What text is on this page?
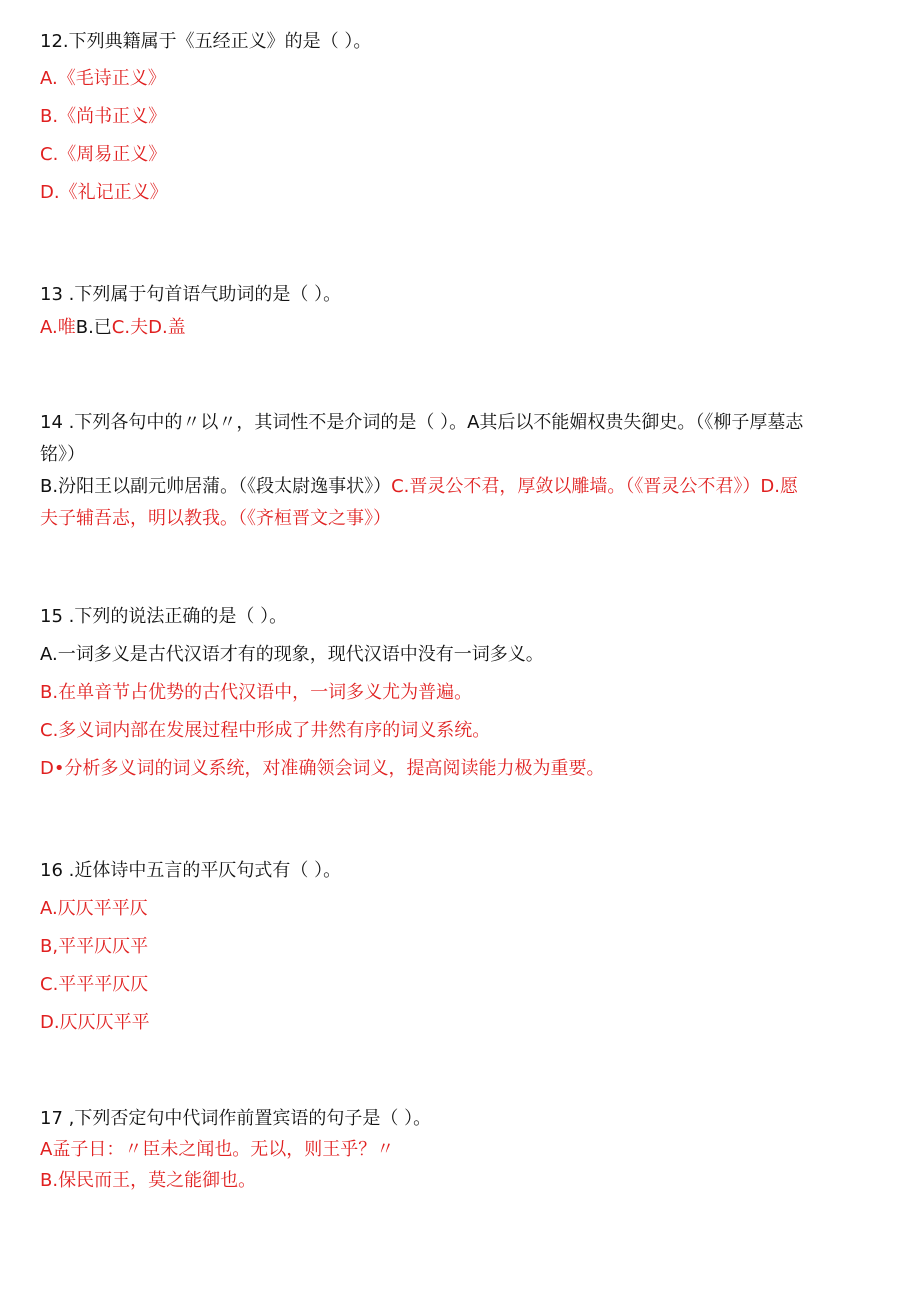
12.下列典籍属于《五经正义》的是（ ）。
A.《毛诗正义》
B.《尚书正义》
C.《周易正义》
D.《礼记正义》
13 .下列属于句首语气助词的是（ ）。
A.唯B.已C.夫D.盖
14 .下列各句中的〃以〃，其词性不是介词的是（ ）。A其后以不能媚权贵失御史。（《柳子厚墓志
铭》）
B.汾阳王以副元帅居蒲。（《段太尉逸事状》）C.晋灵公不君，厚敛以雕墙。（《晋灵公不君》）D.愿
夫子辅吾志，明以教我。（《齐桓晋文之事》）
15 .下列的说法正确的是（ ）。
A.一词多义是古代汉语才有的现象，现代汉语中没有一词多义。
B.在单音节占优势的古代汉语中，一词多义尤为普遍。
C.多义词内部在发展过程中形成了井然有序的词义系统。
D•分析多义词的词义系统，对准确领会词义，提高阅读能力极为重要。
16 .近体诗中五言的平仄句式有（ ）。
A.仄仄平平仄
B,平平仄仄平
C.平平平仄仄
D.仄仄仄平平
17 ,下列否定句中代词作前置宾语的句子是（ ）。
A孟子日：〃臣未之闻也。无以，则王乎？〃
B.保民而王，莫之能御也。
